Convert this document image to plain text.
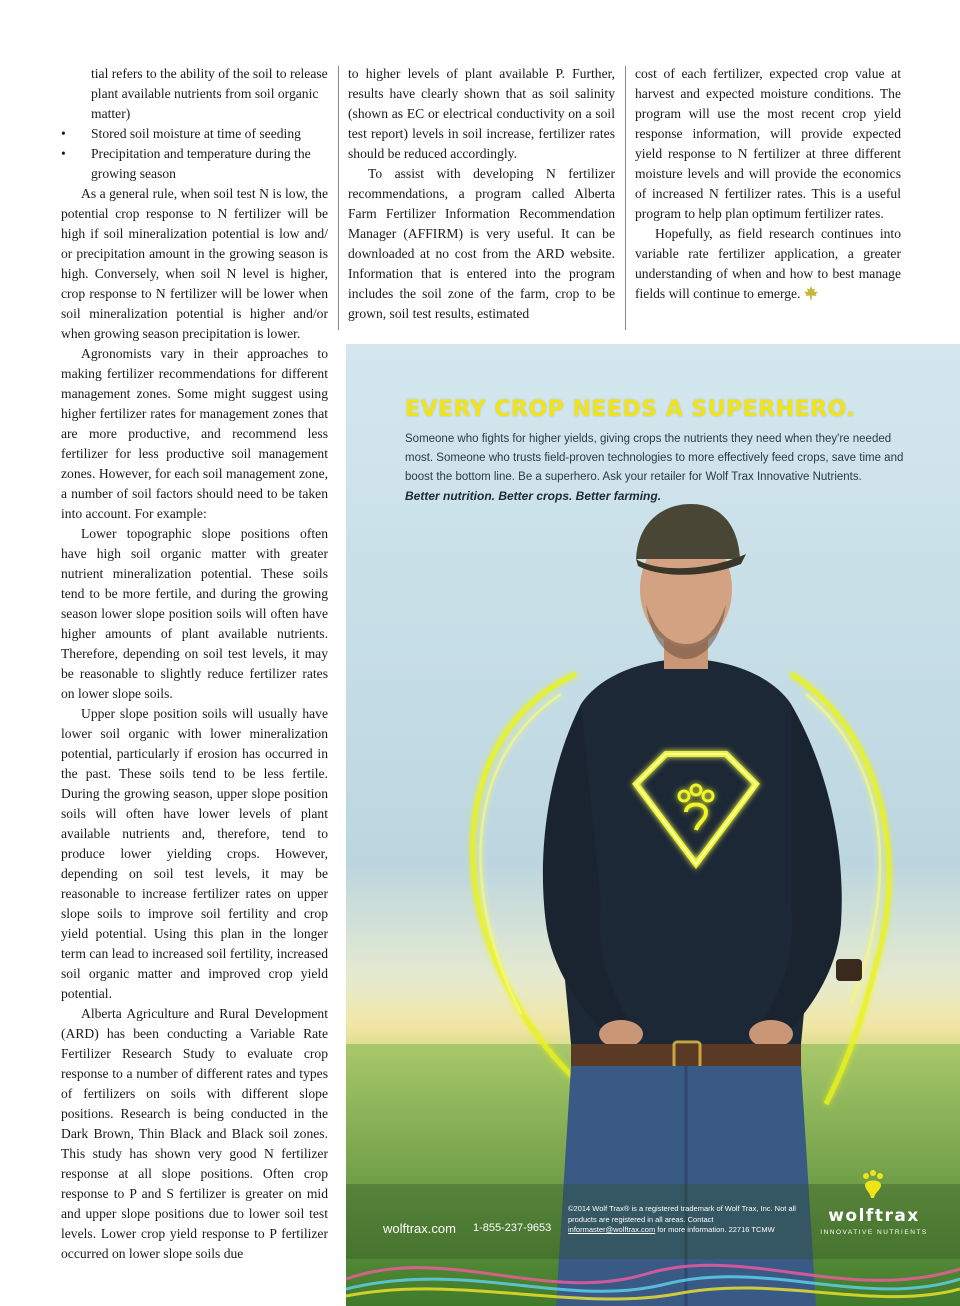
tial refers to the ability of the soil to release plant available nutrients from soil organic matter)
• Stored soil moisture at time of seeding
• Precipitation and temperature during the growing season

As a general rule, when soil test N is low, the potential crop response to N fertilizer will be high if soil mineralization potential is low and/ or precipitation amount in the growing season is high. Conversely, when soil N level is higher, crop response to N fertilizer will be lower when soil mineralization potential is higher and/or when growing season precipitation is lower.

Agronomists vary in their approaches to making fertilizer recommendations for different management zones. Some might suggest using higher fertilizer rates for management zones that are more productive, and recommend less fertilizer for less productive soil management zones. However, for each soil management zone, a number of soil factors should need to be taken into account. For example:

Lower topographic slope positions often have high soil organic matter with greater nutrient mineralization potential. These soils tend to be more fertile, and during the growing season lower slope position soils will often have higher amounts of plant available nutrients. Therefore, depending on soil test levels, it may be reasonable to slightly reduce fertilizer rates on lower slope soils.

Upper slope position soils will usually have lower soil organic with lower mineralization potential, particularly if erosion has occurred in the past. These soils tend to be less fertile. During the growing season, upper slope position soils will often have lower levels of plant available nutrients and, therefore, tend to produce lower yielding crops. However, depending on soil test levels, it may be reasonable to increase fertilizer rates on upper slope soils to improve soil fertility and crop yield potential. Using this plan in the longer term can lead to increased soil fertility, increased soil organic matter and improved crop yield potential.

Alberta Agriculture and Rural Development (ARD) has been conducting a Variable Rate Fertilizer Research Study to evaluate crop response to a number of different rates and types of fertilizers on soils with different slope positions. Research is being conducted in the Dark Brown, Thin Black and Black soil zones. This study has shown very good N fertilizer response at all slope positions. Often crop response to P and S fertilizer is greater on mid and upper slope positions due to lower soil test levels. Lower crop yield response to P fertilizer occurred on lower slope soils due

to higher levels of plant available P. Further, results have clearly shown that as soil salinity (shown as EC or electrical conductivity on a soil test report) levels in soil increase, fertilizer rates should be reduced accordingly.

To assist with developing N fertilizer recommendations, a program called Alberta Farm Fertilizer Information Recommendation Manager (AFFIRM) is very useful. It can be downloaded at no cost from the ARD website. Information that is entered into the program includes the soil zone of the farm, crop to be grown, soil test results, estimated

cost of each fertilizer, expected crop value at harvest and expected moisture conditions. The program will use the most recent crop yield response information, will provide expected yield response to N fertilizer at three different moisture levels and will provide the economics of increased N fertilizer rates. This is a useful program to help plan optimum fertilizer rates.

Hopefully, as field research continues into variable rate fertilizer application, a greater understanding of when and how to best manage fields will continue to emerge.

EVERY CROP NEEDS A SUPERHERO.

Someone who fights for higher yields, giving crops the nutrients they need when they're needed most. Someone who trusts field-proven technologies to more effectively feed crops, save time and boost the bottom line. Be a superhero. Ask your retailer for Wolf Trax Innovative Nutrients.

Better nutrition. Better crops. Better farming.

wolftrax.com 1-855-237-9653
©2014 Wolf Trax® is a registered trademark of Wolf Trax, Inc. Not all products are registered in all areas. Contact informaster@wolftrax.com for more information. 22716 TCMW
wolftrax
INNOVATIVE NUTRIENTS
